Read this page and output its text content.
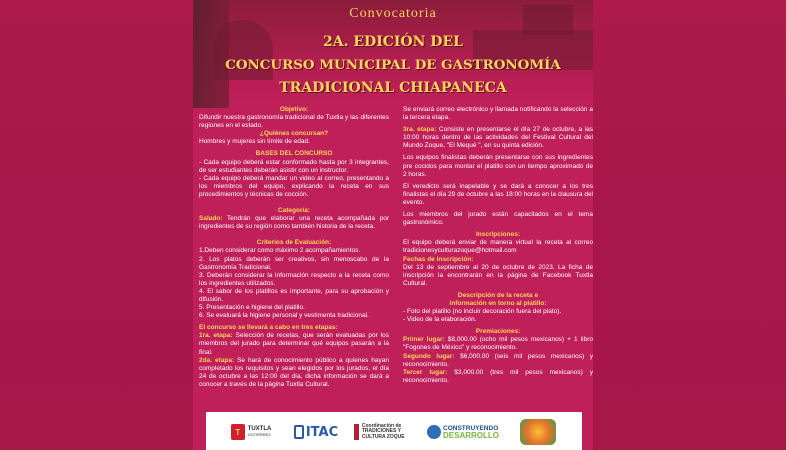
Convocatoria
2A. EDICIÓN DEL
CONCURSO MUNICIPAL DE GASTRONOMÍA
TRADICIONAL CHIAPANECA
Objetivo:
Difundir nuestra gastronomía tradicional de Tuxtla y las diferentes regiones en el estado.
¿Quiénes concursan?
Hombres y mujeres sin límite de edad.
BASES DEL CONCURSO
- Cada equipo deberá estar conformado hasta por 3 integrantes, de ser estudiantes deberán asistir con un instructor.
- Cada equipo deberá mandar un video al correo, presentando a los miembros del equipo, explicando la receta en sus procedimientos y técnicas de cocción.
Categoría:
Salado: Tendrán que elaborar una receta acompañada por ingredientes de su región como también historia de la receta.
Criterios de Evaluación:
1.Deben considerar como máximo 2 acompañamientos.
2. Los platos deberán ser creativos, sin menoscabo de la Gastronomía Tradicional.
3. Deberán considerar la información respecto a la receta como los ingredientes utilizados.
4. El sabor de los platillos es importante, para su aprobación y difusión.
5. Presentación e higiene del platillo.
6. Se evaluará la higiene personal y vestimenta tradicional.
El concurso se llevará a cabo en tres etapas:
1ra. etapa: Selección de recetas, que serán evaluadas por los miembros del jurado para determinar qué equipos pasarán a la final.
2da. etapa: Se hará de conocimiento público a quienes hayan completado los requisitos y sean elegidos por los jurados, el día 24 de octubre a las 12:00 del día, dicha información se dará a conocer a través de la página Tuxtla Cultural.
Se enviará correo electrónico y llamada notificando la selección a la tercera etapa.
3ra. etapa: Consiste en presentarse el día 27 de octubre, a las 10:00 horas dentro de las actividades del Festival Cultural del Mundo Zoque, "El Mequé ", en su quinta edición.
Los equipos finalistas deberán presentarse con sus ingredientes pre cocidos para montar el platillo con un tiempo aproximado de 2 horas.
El veredicto será inapelable y se dará a conocer a los tres finalistas el día 29 de octubre a las 18:00 horas en la clausura del evento.
Los miembros del jurado están capacitados en el tema gastronómico.
Inscripciones:
El equipo deberá enviar de manera virtual la receta al correo tradicionesyculturazoque@hotmail.com
Fechas de Inscripción:
Del 13 de septiembre al 20 de octubre de 2023. La ficha de inscripción la encontrarán en la página de Facebook Tuxtla Cultural.
Descripción de la receta e
información en torno al platillo:
- Foto del platillo (no incluir decoración fuera del plato).
- Video de la elaboración.
Premiaciones:
Primer lugar: $8,000.00 (ocho mil pesos mexicanos) + 1 libro "Fogones de México" y reconocimiento.
Segundo lugar: $6,000.00 (seis mil pesos mexicanos) y reconocimiento.
Tercer lugar: $3,000.00 (tres mil pesos mexicanos) y reconocimiento.
T	TUXTLA
GUTIÉRREZ	ITAC	Coordinación de TRADICIONES Y CULTURA ZOQUE
CONSTRUYENDO
DESARROLLO
